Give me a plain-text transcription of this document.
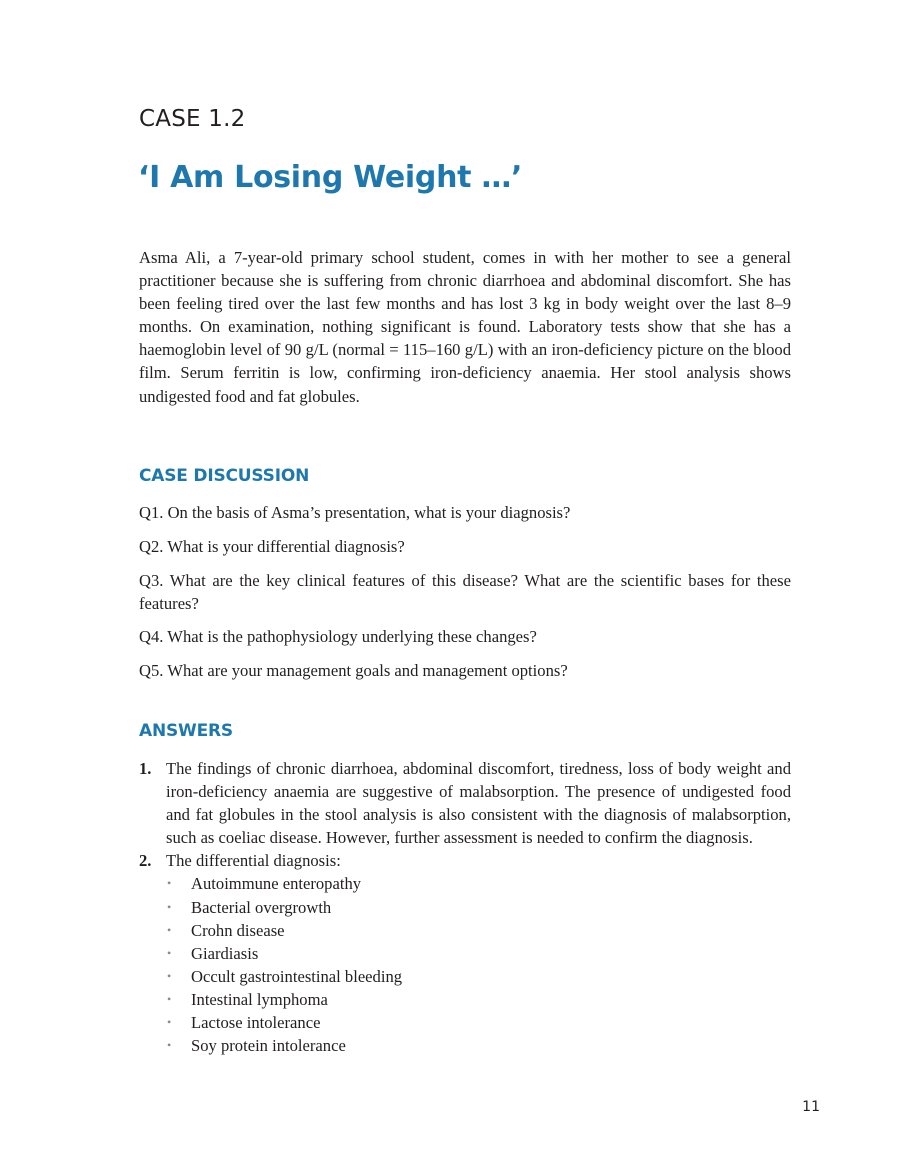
CASE 1.2
‘I Am Losing Weight …’

Asma Ali, a 7-year-old primary school student, comes in with her mother to see a general practitioner because she is suffering from chronic diarrhoea and abdominal discomfort. She has been feeling tired over the last few months and has lost 3 kg in body weight over the last 8–9 months. On examination, nothing significant is found. Laboratory tests show that she has a haemoglobin level of 90 g/L (normal = 115–160 g/L) with an iron-deficiency picture on the blood film. Serum ferritin is low, confirming iron-deficiency anaemia. Her stool analysis shows undigested food and fat globules.

CASE DISCUSSION

Q1. On the basis of Asma’s presentation, what is your diagnosis?

Q2. What is your differential diagnosis?

Q3. What are the key clinical features of this disease? What are the scientific bases for these features?

Q4. What is the pathophysiology underlying these changes?

Q5. What are your management goals and management options?

ANSWERS
1. The findings of chronic diarrhoea, abdominal discomfort, tiredness, loss of body weight and iron-deficiency anaemia are suggestive of malabsorption. The presence of undigested food and fat globules in the stool analysis is also consistent with the diagnosis of malabsorption, such as coeliac disease. However, further assessment is needed to confirm the diagnosis.
2. The differential diagnosis:
• Autoimmune enteropathy
• Bacterial overgrowth
• Crohn disease
• Giardiasis
• Occult gastrointestinal bleeding
• Intestinal lymphoma
• Lactose intolerance
• Soy protein intolerance
11
